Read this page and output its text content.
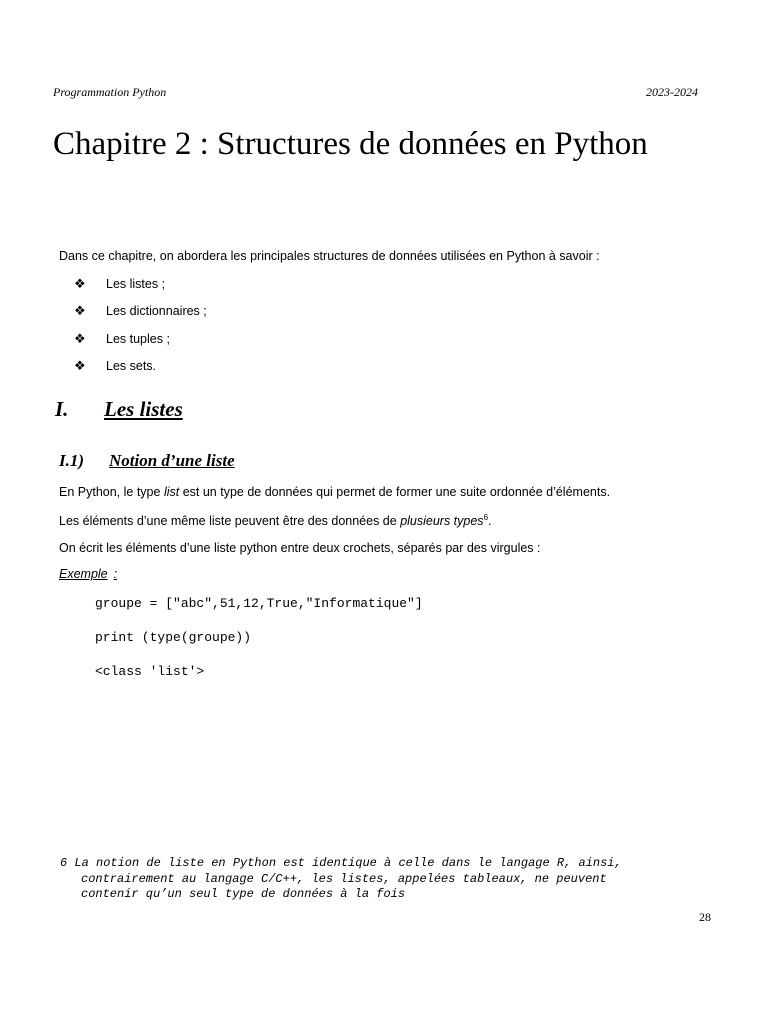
Programmation Python	2023-2024
Chapitre 2 : Structures de données en Python
Dans ce chapitre, on abordera les principales structures de données utilisées en Python à savoir :
❖	Les listes ;
❖	Les dictionnaires ;
❖	Les tuples ;
❖	Les sets.
I. Les listes
I.1) Notion d’une liste
En Python, le type list est un type de données qui permet de former une suite ordonnée d’éléments.
Les éléments d’une même liste peuvent être des données de plusieurs types$^6$.
On écrit les éléments d’une liste python entre deux crochets, séparés par des virgules :
Exemple :
groupe = ["abc",51,12,True,"Informatique"]
print (type(groupe))
<class 'list'>
6 La notion de liste en Python est identique à celle dans le langage R, ainsi,
contrairement au langage C/C++, les listes, appelées tableaux, ne peuvent
contenir qu’un seul type de données à la fois
28
